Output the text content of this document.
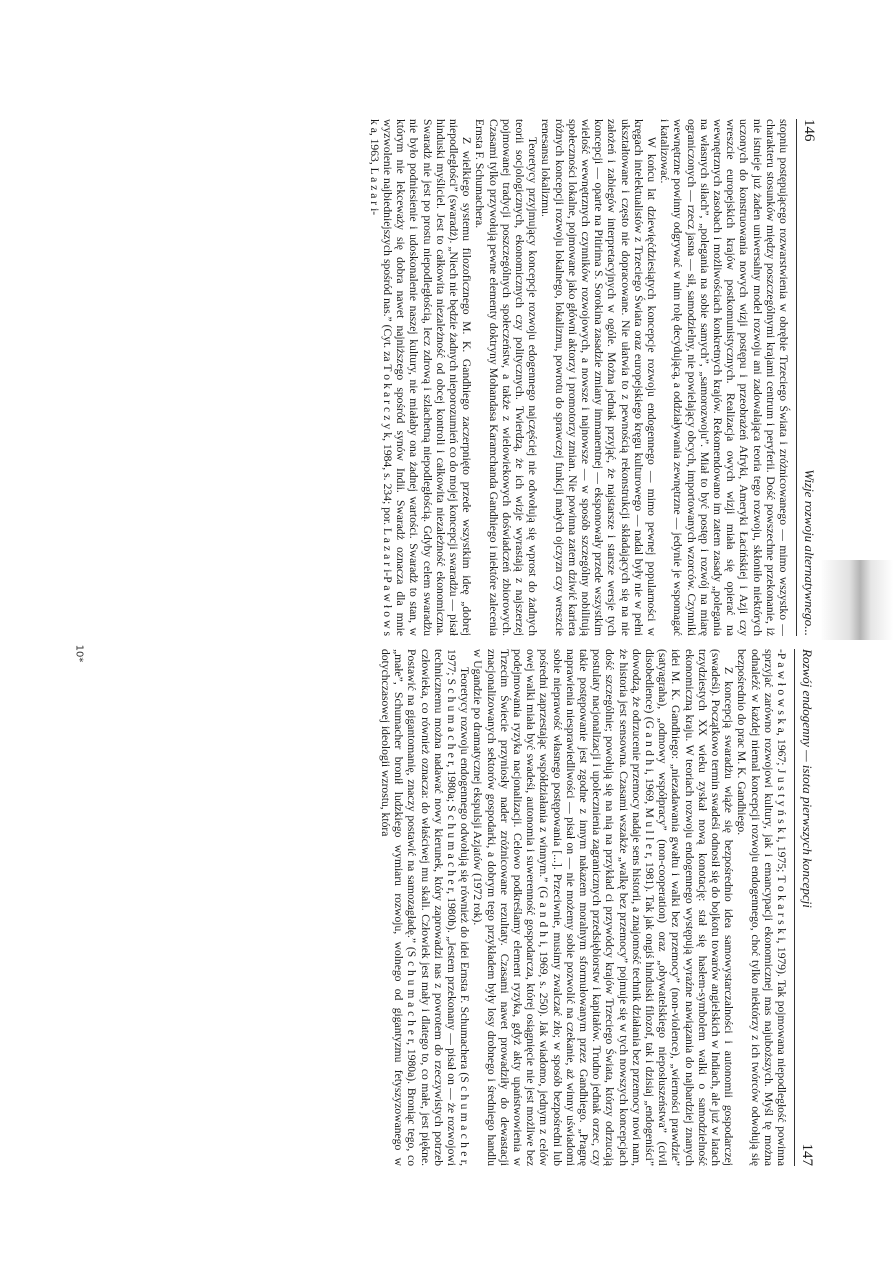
146
Wizje rozwoju alternatywnego...

stopniu postępującego rozwarstwienia w obrębie Trzeciego Świata i zróżnicowanego — mimo wszystko — charakteru stosunków między poszczególnymi krajami centrum i peryferii. Dość powszechne przekonanie, iż nie istnieje już żaden uniwersalny model rozwoju ani zadowalająca teoria tego rozwoju, skłoniło niektórych uczonych do konstruowania nowych wizji postępu i przeobrażeń Afryki, Ameryki Łacińskiej i Azji czy wreszcie europejskich krajów postkomunistycznych. Realizacja owych wizji miała się opierać na wewnętrznych zasobach i możliwościach konkretnych krajów. Rekomendowano im zatem zasady „polegania na własnych siłach”, „polegania na sobie samych”, „samorozwoju”. Miał to być postęp i rozwój na miarę ograniczonych — rzecz jasna — sił, samodzielny, nie powielający obcych, importowanych wzorców. Czynniki wewnętrzne powinny odgrywać w nim rolę decydującą, a oddziaływania zewnętrzne — jedynie je wspomagać i katalizować.

W końcu lat dziewięćdziesiątych koncepcje rozwoju endogennego — mimo pewnej popularności w kręgach intelektualistów z Trzeciego Świata oraz europejskiego kręgu kulturowego — nadal były nie w pełni ukształtowane i często nie dopracowane. Nie ułatwia to z pewnością rekonstrukcji składających się na nie założeń i zabiegów interpretacyjnych w ogóle. Można jednak przyjąć, że najstarsze i starsze wersje tych koncepcji — oparte na Pitirima S. Sorokina zasadzie zmiany immanentnej — eksponowały przede wszystkim wielość wewnętrznych czynników rozwojowych, a nowsze i najnowsze — w sposób szczególny nobilitują społeczności lokalne, pojmowane jako główni aktorzy i promotorzy zmian. Nie powinna zatem dziwić kariera różnych koncepcji rozwoju lokalnego, lokalizmu, powrotu do sprawczej funkcji małych ojczyzn czy wreszcie renesansu lokalizmu.

Teoretycy przyjmujący koncepcje rozwoju edogennego najczęściej nie odwołują się wprost do żadnych teorii socjologicznych, ekonomicznych czy politycznych. Twierdzą, że ich wizje wyrastają z najszerzej pojmowanej tradycji poszczególnych społeczeństw, a także z wielowiekowych doświadczeń zbiorowych. Czasami tylko przywołują pewne elementy doktryny Mohandasa Karamchanda Gandhiego i niektóre zalecenia Ernsta F. Schumachera.

Z wielkiego systemu filozoficznego M. K. Gandhiego zaczerpnięto przede wszystkim ideę „dobrej niepodległości” (swaradż). „Niech nie będzie żadnych nieporozumień co do mojej koncepcji swaradżu — pisał hinduski myśliciel. Jest to całkowita niezależność od obcej kontroli i całkowita niezależność ekonomiczna. Swaradż nie jest po prostu niepodległością, lecz zdrową i szlachetną niepodległością. Gdyby celem swaradżu nie było podniesienie i udoskonalenie naszej kultury, nie miałaby ona żadnej wartości. Swaradż to stan, w którym nie lekceważy się dobra nawet najniższego spośród synów Indii. Swaradż oznacza dla mnie wyzwolenie najbiedniejszych spośród nas.” (Cyt. za T o k a r c z y k, 1984, s. 234; por. L a z a r i-P a w ł o w s k a, 1963, L a z a r i-

Rozwój endogenny — istota pierwszych koncepcji
147

-P a w ł o w s k a, 1967; J u s t y ń s k i, 1975; T o k a r s k i, 1979). Tak pojmowana niepodległość powinna sprzyjać zarówno rozwojowi kultury, jak i emancypacji ekonomicznej mas najuboższych. Myśl tę można odnaleźć w każdej niemal koncepcji rozwoju endogennego, choć tylko niektórzy z ich twórców odwołują się bezpośrednio do prac M. K. Gandhiego.

Z koncepcją swaradżu wiąże się bezpośrednio idea samowystarczalności i autonomii gospodarczej (swadeśi). Początkowo termin swadeśi odnosił się do bojkotu towarów angielskich w Indiach, ale już w latach trzydziestych XX wieku zyskał nową konotację: stał się hasłem-symbolem walki o samodzielność ekonomiczną kraju. W teoriach rozwoju endogennego występują wyraźne nawiązania do najbardziej znanych idei M. K. Gandhiego: „niezadawania gwałtu i walki bez przemocy” (non-violence), „wierności prawdzie” (satyagraha), „odmowy współpracy” (non-cooperation) oraz „obywatelskiego nieposłuszeństwa” (civil disobedience) (G a n d h i, 1969, M u l l e r, 1981). Tak jak ongiś hinduski filozof, tak i dzisiaj „endogeniści” dowodzą, że odrzucenie przemocy nadaje sens historii, a znajomość technik działania bez przemocy nowi nam, że historia jest sensowna. Czasami wszakże „walkę bez przemocy” pojmuje się w tych nowszych koncepcjach dość szczególnie; powołują się na nią na przykład ci przywódcy krajów Trzeciego Świata, którzy odrzucają postulaty nacjonalizacji i upolecznienia zagranicznych przedsiębiorstw i kapitałów. Trudno jednak orzec, czy takie postępowanie jest zgodne z innym nakazem moralnym sformułowanym przez Gandhiego. „Pragnę naprawienia niesprawiedliwości — pisał on — nie możemy sobie pozwolić na czekanie, aż winny uświadomi sobie nieprawość własnego postępowania [...]. Przeciwnie, musimy zwalczać zło; w sposób bezpośredni lub pośredni zaprzestając współdziałania z winnym.” (G a n d h i, 1969, s. 250). Jak wiadomo, jednym z celów owej walki miała być swadeśi, autonomia i suwerenność gospodarcza, której osiągnięcie nie jest możliwe bez podejmowania ryzyka nacjonalizacji. Celowo podkreślamy element ryzyka, gdyż akty upaństwowienia w Trzecim Świecie przyniosły nader zróżnicowane rezultaty. Czasami nawet prowadziły do dewastacji znacjonalizowanych sektorów gospodarki, a dobrym tego przykładem były losy drobnego i średniego handlu w Ugandzie po dramatycznej ekspulsji Azjatów (1972 rok).

Teoretycy rozwoju endogennego odwołują się również do idei Ernsta F. Schumachera (S c h u m a c h e r, 1977; S c h u m a c h e r, 1980a; S c h u m a c h e r, 1980b). „Jestem przekonany — pisał on — że rozwojowi technicznemu można nadawać nowy kierunek, który zaprowadzi nas z powrotem do rzeczywistych potrzeb człowieka, co również oznacza: do właściwej mu skali. Człowiek jest mały i dlatego to, co małe, jest piękne. Postawić na gigantomanię, znaczy postawić na samozagładę.” (S c h u m a c h e r, 1980a). Broniąc tego, co „małe”, Schumacher bronił ludzkiego wymiaru rozwoju, wolnego od gigantyzmu fetyszyzowanego w dotychczasowej ideologii wzrostu, która

10*
